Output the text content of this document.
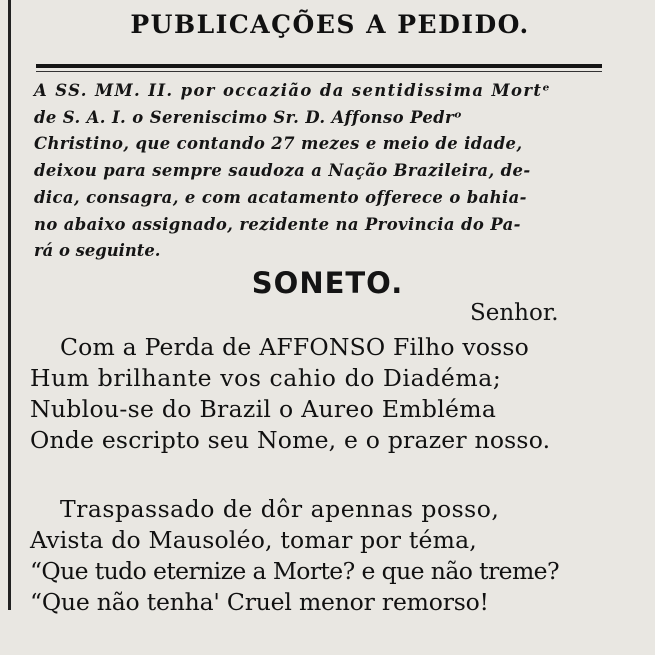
PUBLICAÇÕES A PEDIDO.
A SS. MM. II. por occazião da sentidissima Mortᵉ
de S. A. I. o Sereniscimo Sr. D. Affonso Pedrᵒ
Christino, que contando 27 mezes e meio de idade,
deixou para sempre saudoza a Nação Brazileira, de-
dica, consagra, e com acatamento offerece o bahia-
no abaixo assignado, rezidente na Provincia do Pa-
rá o seguinte.
SONETO.
Senhor.
Com a Perda de AFFONSO Filho vosso
Hum brilhante vos cahio do Diadéma;
Nublou-se do Brazil o Aureo Embléma
Onde escripto seu Nome, e o prazer nosso.
Traspassado de dôr apennas posso,
Avista do Mausoléo, tomar por téma,
“Que tudo eternize a Morte? e que não treme?
“Que não tenha' Cruel menor remorso!
